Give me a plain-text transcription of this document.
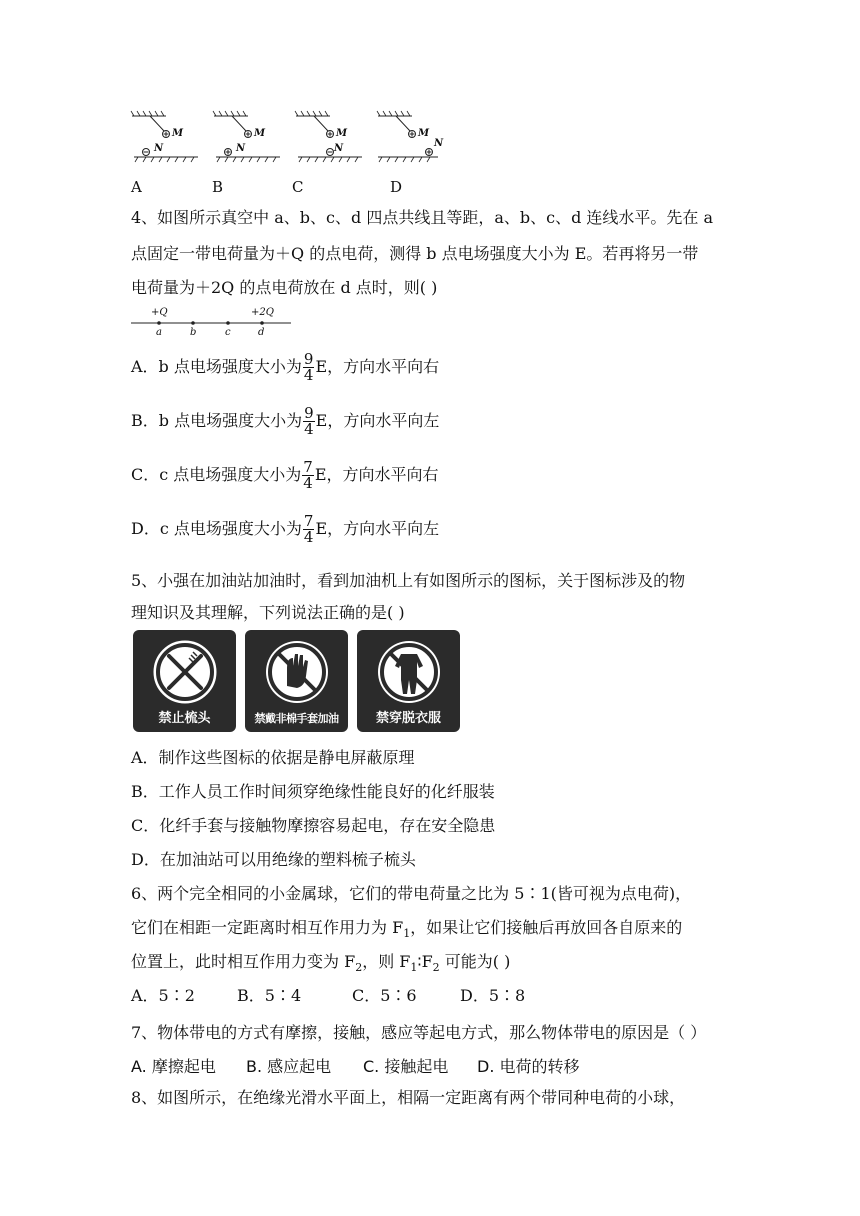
M
N
M
N
M
N
M
N
A	B	C	D
4、如图所示真空中 a、b、c、d 四点共线且等距，a、b、c、d 连线水平。先在 a
点固定一带电荷量为＋Q 的点电荷，测得 b 点电场强度大小为 E。若再将另一带
电荷量为＋2Q 的点电荷放在 d 点时，则( )
+Q	+2Q
a	b	c	d
A．b 点电场强度大小为 $\frac{9}{4}$ E，方向水平向右
B．b 点电场强度大小为 $\frac{9}{4}$ E，方向水平向左
C．c 点电场强度大小为 $\frac{7}{4}$ E，方向水平向右
D．c 点电场强度大小为 $\frac{7}{4}$ E，方向水平向左
5、小强在加油站加油时，看到加油机上有如图所示的图标，关于图标涉及的物
理知识及其理解，下列说法正确的是( )
禁止梳头	禁戴非棉手套加油	禁穿脱衣服
A．制作这些图标的依据是静电屏蔽原理
B．工作人员工作时间须穿绝缘性能良好的化纤服装
C．化纤手套与接触物摩擦容易起电，存在安全隐患
D．在加油站可以用绝缘的塑料梳子梳头
6、两个完全相同的小金属球，它们的带电荷量之比为 5∶1(皆可视为点电荷)，
它们在相距一定距离时相互作用力为 $F_1$，如果让它们接触后再放回各自原来的
位置上，此时相互作用力变为 $F_2$，则 $F_1∶F_2$ 可能为( )
A．5∶2	B．5∶4	C．5∶6	D．5∶8
7、物体带电的方式有摩擦，接触，感应等起电方式，那么物体带电的原因是（ ）
A. 摩擦起电 B. 感应起电 C. 接触起电 D. 电荷的转移
8、如图所示，在绝缘光滑水平面上，相隔一定距离有两个带同种电荷的小球，
